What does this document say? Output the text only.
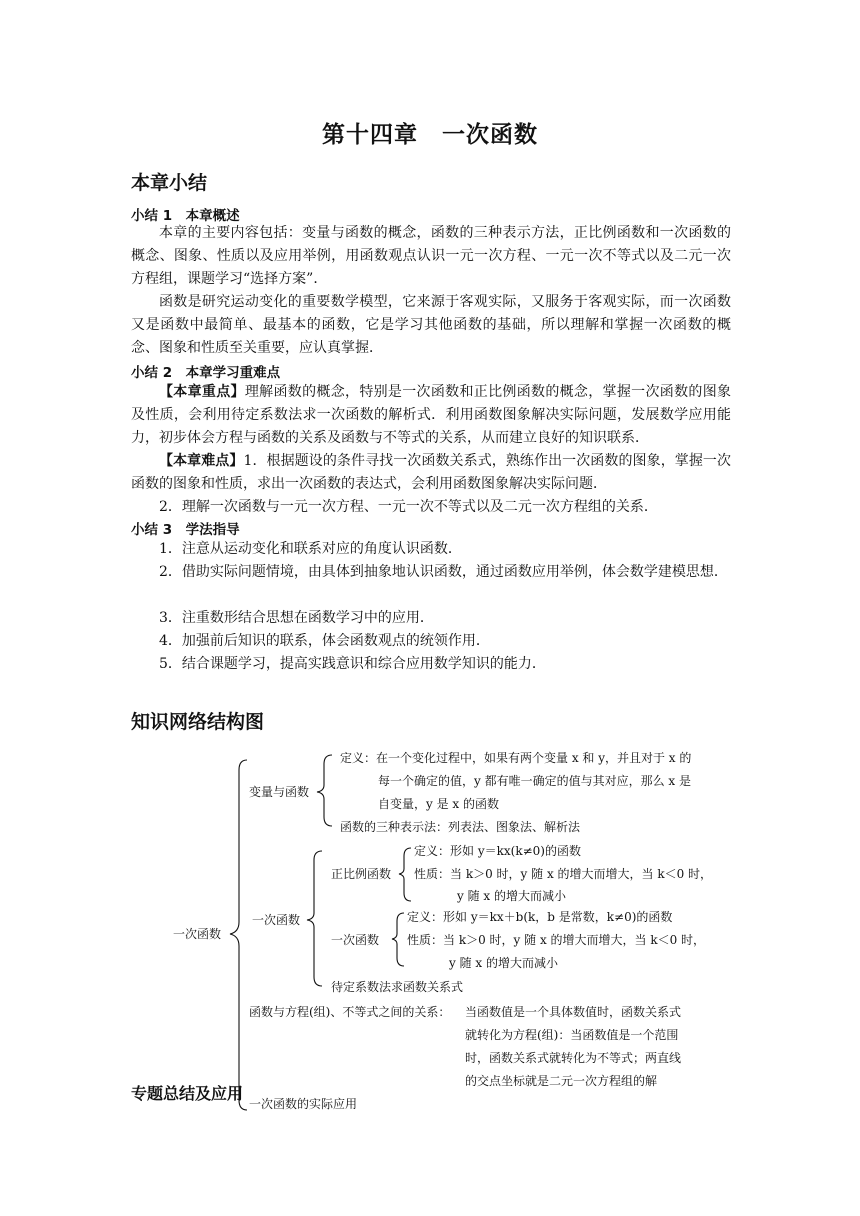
第十四章　一次函数
本章小结
小结 1　本章概述
本章的主要内容包括：变量与函数的概念，函数的三种表示方法，正比例函数和一次函数的概念、图象、性质以及应用举例，用函数观点认识一元一次方程、一元一次不等式以及二元一次方程组，课题学习“选择方案”．
函数是研究运动变化的重要数学模型，它来源于客观实际，又服务于客观实际，而一次函数又是函数中最简单、最基本的函数，它是学习其他函数的基础，所以理解和掌握一次函数的概念、图象和性质至关重要，应认真掌握．
小结 2　本章学习重难点
【本章重点】理解函数的概念，特别是一次函数和正比例函数的概念，掌握一次函数的图象及性质，会利用待定系数法求一次函数的解析式．利用函数图象解决实际问题，发展数学应用能力，初步体会方程与函数的关系及函数与不等式的关系，从而建立良好的知识联系．
【本章难点】1．根据题设的条件寻找一次函数关系式，熟练作出一次函数的图象，掌握一次函数的图象和性质，求出一次函数的表达式，会利用函数图象解决实际问题．
2．理解一次函数与一元一次方程、一元一次不等式以及二元一次方程组的关系．
小结 3　学法指导
1．注意从运动变化和联系对应的角度认识函数．
2．借助实际问题情境，由具体到抽象地认识函数，通过函数应用举例，体会数学建模思想．
3．注重数形结合思想在函数学习中的应用．
4．加强前后知识的联系，体会函数观点的统领作用．
5．结合课题学习，提高实践意识和综合应用数学知识的能力．
知识网络结构图
一次函数
变量与函数
定义：在一个变化过程中，如果有两个变量 x 和 y，并且对于 x 的
每一个确定的值，y 都有唯一确定的值与其对应，那么 x 是
自变量，y 是 x 的函数
函数的三种表示法：列表法、图象法、解析法
一次函数
正比例函数
定义：形如 y＝kx(k≠0)的函数
性质：当 k＞0 时，y 随 x 的增大而增大，当 k＜0 时，
y 随 x 的增大而减小
一次函数
定义：形如 y＝kx＋b(k，b 是常数，k≠0)的函数
性质：当 k＞0 时，y 随 x 的增大而增大，当 k＜0 时，
y 随 x 的增大而减小
待定系数法求函数关系式
函数与方程(组)、不等式之间的关系： 当函数值是一个具体数值时，函数关系式
就转化为方程(组)：当函数值是一个范围
时，函数关系式就转化为不等式；两直线
的交点坐标就是二元一次方程组的解
专题总结及应用
一次函数的实际应用
